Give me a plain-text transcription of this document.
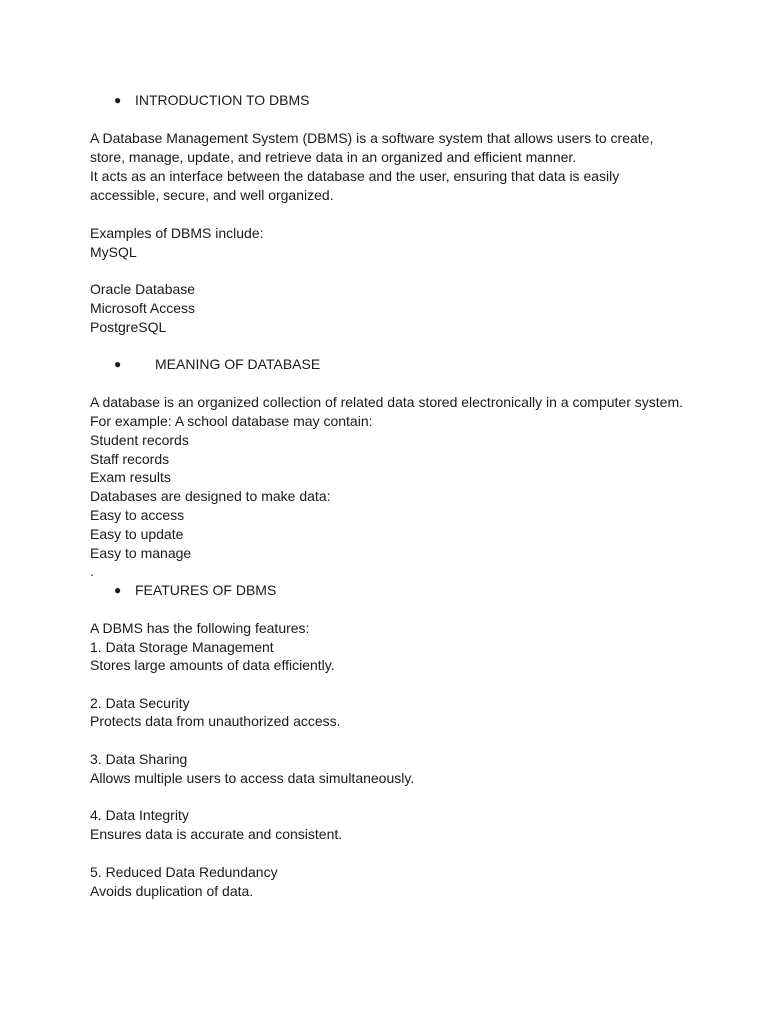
● INTRODUCTION TO DBMS
A Database Management System (DBMS) is a software system that allows users to create,
store, manage, update, and retrieve data in an organized and efficient manner.
It acts as an interface between the database and the user, ensuring that data is easily
accessible, secure, and well organized.
Examples of DBMS include:
MySQL
Oracle Database
Microsoft Access
PostgreSQL
● MEANING OF DATABASE
A database is an organized collection of related data stored electronically in a computer system.
For example: A school database may contain:
Student records
Staff records
Exam results
Databases are designed to make data:
Easy to access
Easy to update
Easy to manage
.
● FEATURES OF DBMS
A DBMS has the following features:
1. Data Storage Management
Stores large amounts of data efficiently.
2. Data Security
Protects data from unauthorized access.
3. Data Sharing
Allows multiple users to access data simultaneously.
4. Data Integrity
Ensures data is accurate and consistent.
5. Reduced Data Redundancy
Avoids duplication of data.
